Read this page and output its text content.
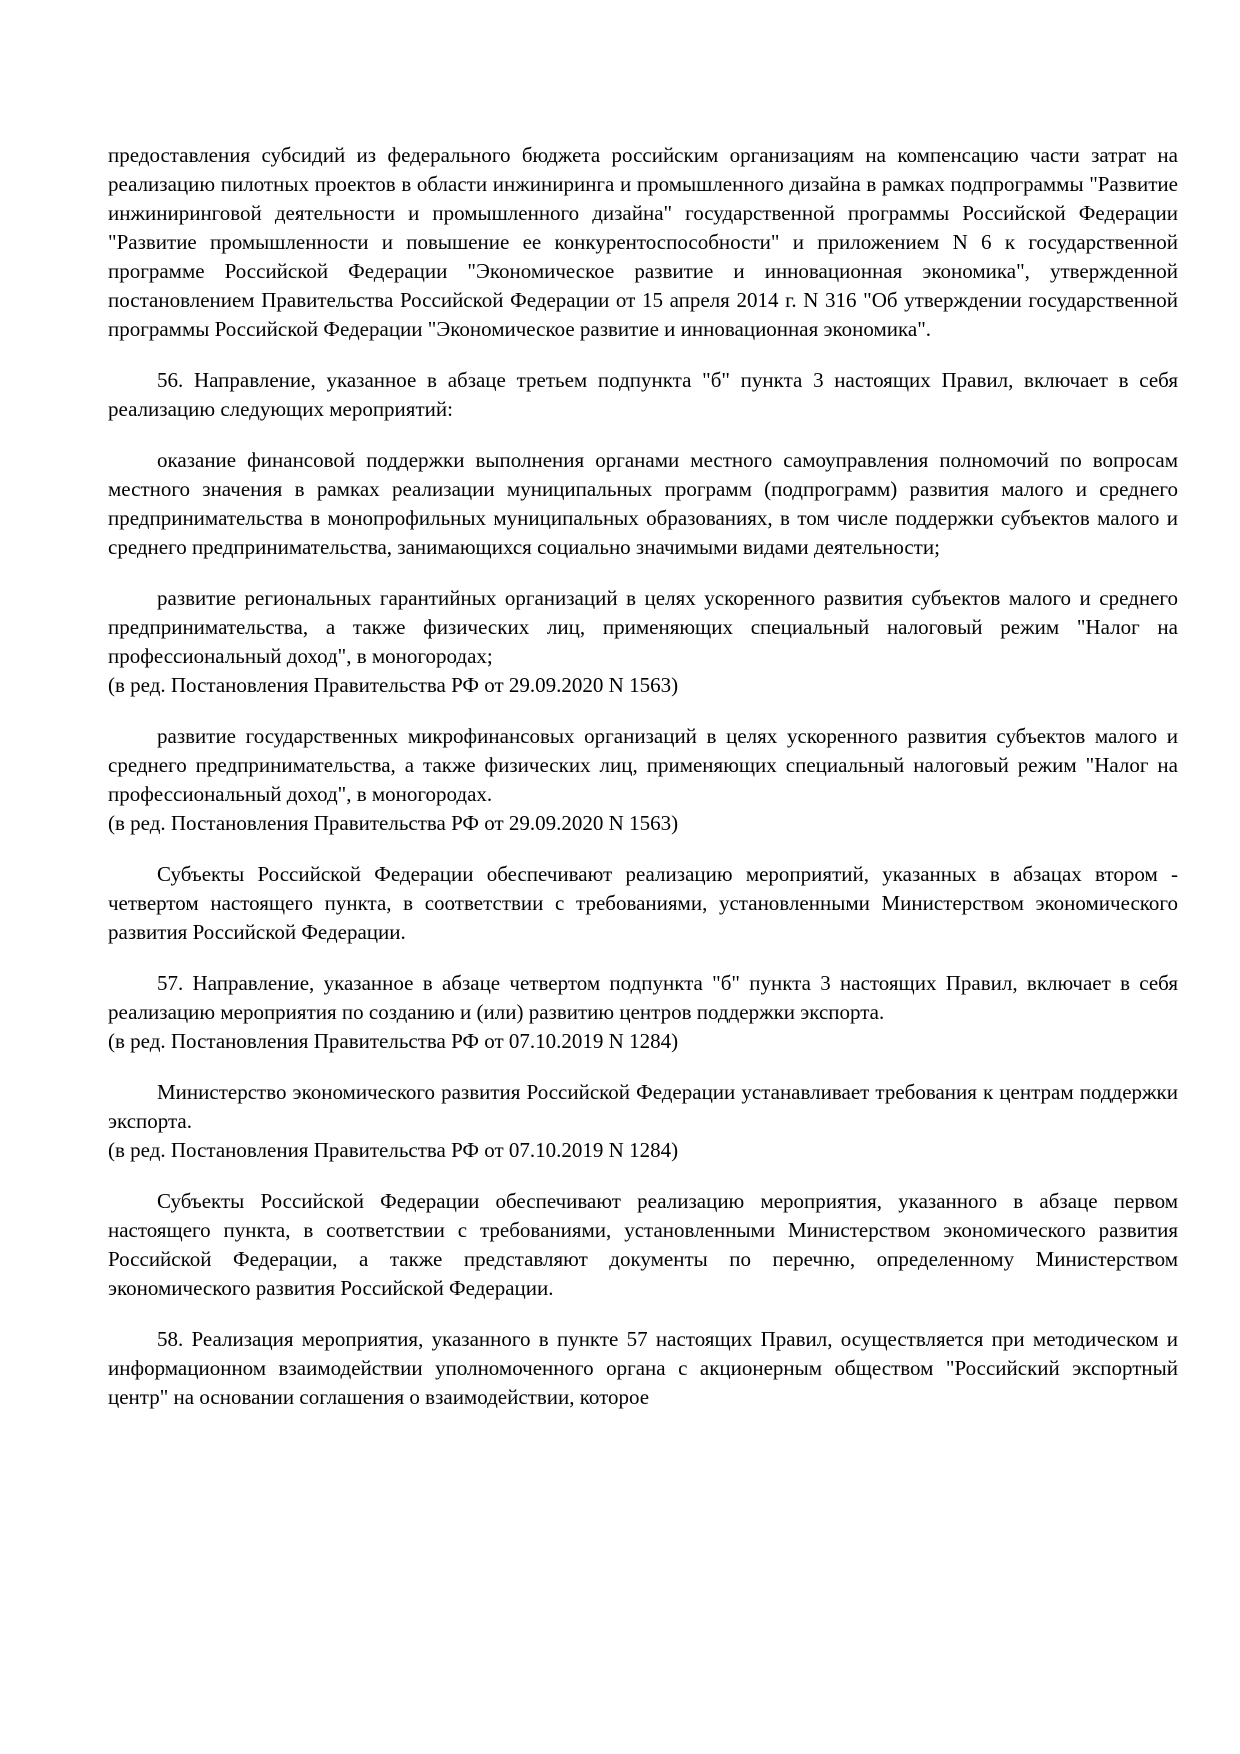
предоставления субсидий из федерального бюджета российским организациям на компенсацию части затрат на реализацию пилотных проектов в области инжиниринга и промышленного дизайна в рамках подпрограммы "Развитие инжиниринговой деятельности и промышленного дизайна" государственной программы Российской Федерации "Развитие промышленности и повышение ее конкурентоспособности" и приложением N 6 к государственной программе Российской Федерации "Экономическое развитие и инновационная экономика", утвержденной постановлением Правительства Российской Федерации от 15 апреля 2014 г. N 316 "Об утверждении государственной программы Российской Федерации "Экономическое развитие и инновационная экономика".

56. Направление, указанное в абзаце третьем подпункта "б" пункта 3 настоящих Правил, включает в себя реализацию следующих мероприятий:

оказание финансовой поддержки выполнения органами местного самоуправления полномочий по вопросам местного значения в рамках реализации муниципальных программ (подпрограмм) развития малого и среднего предпринимательства в монопрофильных муниципальных образованиях, в том числе поддержки субъектов малого и среднего предпринимательства, занимающихся социально значимыми видами деятельности;

развитие региональных гарантийных организаций в целях ускоренного развития субъектов малого и среднего предпринимательства, а также физических лиц, применяющих специальный налоговый режим "Налог на профессиональный доход", в моногородах;

(в ред. Постановления Правительства РФ от 29.09.2020 N 1563)

развитие государственных микрофинансовых организаций в целях ускоренного развития субъектов малого и среднего предпринимательства, а также физических лиц, применяющих специальный налоговый режим "Налог на профессиональный доход", в моногородах.

(в ред. Постановления Правительства РФ от 29.09.2020 N 1563)

Субъекты Российской Федерации обеспечивают реализацию мероприятий, указанных в абзацах втором - четвертом настоящего пункта, в соответствии с требованиями, установленными Министерством экономического развития Российской Федерации.

57. Направление, указанное в абзаце четвертом подпункта "б" пункта 3 настоящих Правил, включает в себя реализацию мероприятия по созданию и (или) развитию центров поддержки экспорта.

(в ред. Постановления Правительства РФ от 07.10.2019 N 1284)

Министерство экономического развития Российской Федерации устанавливает требования к центрам поддержки экспорта.

(в ред. Постановления Правительства РФ от 07.10.2019 N 1284)

Субъекты Российской Федерации обеспечивают реализацию мероприятия, указанного в абзаце первом настоящего пункта, в соответствии с требованиями, установленными Министерством экономического развития Российской Федерации, а также представляют документы по перечню, определенному Министерством экономического развития Российской Федерации.

58. Реализация мероприятия, указанного в пункте 57 настоящих Правил, осуществляется при методическом и информационном взаимодействии уполномоченного органа с акционерным обществом "Российский экспортный центр" на основании соглашения о взаимодействии, которое
